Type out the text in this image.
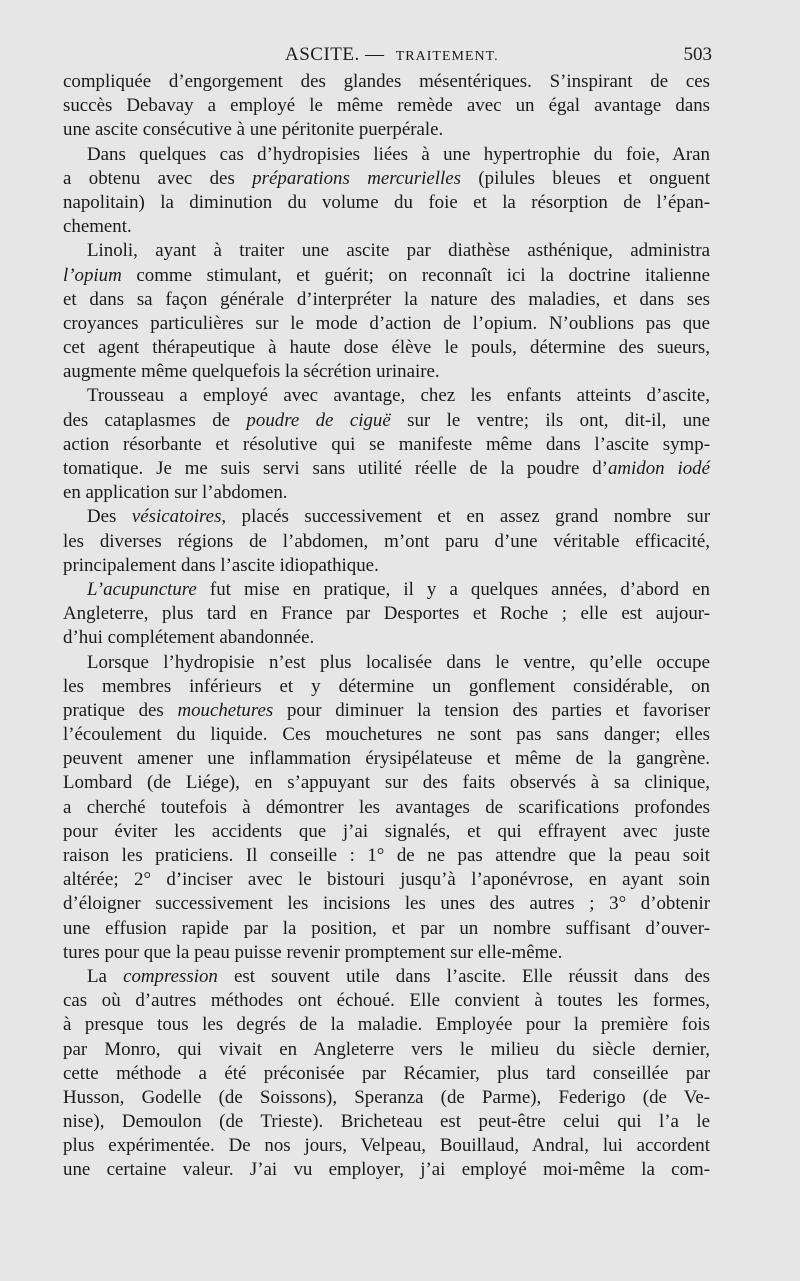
ASCITE. — TRAITEMENT.	503
compliquée d’engorgement des glandes mésentériques. S’inspirant de ces
succès Debavay a employé le même remède avec un égal avantage dans
une ascite consécutive à une péritonite puerpérale.
Dans quelques cas d’hydropisies liées à une hypertrophie du foie, Aran
a obtenu avec des préparations mercurielles (pilules bleues et onguent
napolitain) la diminution du volume du foie et la résorption de l’épan-
chement.
Linoli, ayant à traiter une ascite par diathèse asthénique, administra
l’opium comme stimulant, et guérit; on reconnaît ici la doctrine italienne
et dans sa façon générale d’interpréter la nature des maladies, et dans ses
croyances particulières sur le mode d’action de l’opium. N’oublions pas que
cet agent thérapeutique à haute dose élève le pouls, détermine des sueurs,
augmente même quelquefois la sécrétion urinaire.
Trousseau a employé avec avantage, chez les enfants atteints d’ascite,
des cataplasmes de poudre de ciguë sur le ventre; ils ont, dit-il, une
action résorbante et résolutive qui se manifeste même dans l’ascite symp-
tomatique. Je me suis servi sans utilité réelle de la poudre d’amidon iodé
en application sur l’abdomen.
Des vésicatoires, placés successivement et en assez grand nombre sur
les diverses régions de l’abdomen, m’ont paru d’une véritable efficacité,
principalement dans l’ascite idiopathique.
L’acupuncture fut mise en pratique, il y a quelques années, d’abord en
Angleterre, plus tard en France par Desportes et Roche ; elle est aujour-
d’hui complétement abandonnée.
Lorsque l’hydropisie n’est plus localisée dans le ventre, qu’elle occupe
les membres inférieurs et y détermine un gonflement considérable, on
pratique des mouchetures pour diminuer la tension des parties et favoriser
l’écoulement du liquide. Ces mouchetures ne sont pas sans danger; elles
peuvent amener une inflammation érysipélateuse et même de la gangrène.
Lombard (de Liége), en s’appuyant sur des faits observés à sa clinique,
a cherché toutefois à démontrer les avantages de scarifications profondes
pour éviter les accidents que j’ai signalés, et qui effrayent avec juste
raison les praticiens. Il conseille : 1° de ne pas attendre que la peau soit
altérée; 2° d’inciser avec le bistouri jusqu’à l’aponévrose, en ayant soin
d’éloigner successivement les incisions les unes des autres ; 3° d’obtenir
une effusion rapide par la position, et par un nombre suffisant d’ouver-
tures pour que la peau puisse revenir promptement sur elle-même.
La compression est souvent utile dans l’ascite. Elle réussit dans des
cas où d’autres méthodes ont échoué. Elle convient à toutes les formes,
à presque tous les degrés de la maladie. Employée pour la première fois
par Monro, qui vivait en Angleterre vers le milieu du siècle dernier,
cette méthode a été préconisée par Récamier, plus tard conseillée par
Husson, Godelle (de Soissons), Speranza (de Parme), Federigo (de Ve-
nise), Demoulon (de Trieste). Bricheteau est peut-être celui qui l’a le
plus expérimentée. De nos jours, Velpeau, Bouillaud, Andral, lui accordent
une certaine valeur. J’ai vu employer, j’ai employé moi-même la com-
